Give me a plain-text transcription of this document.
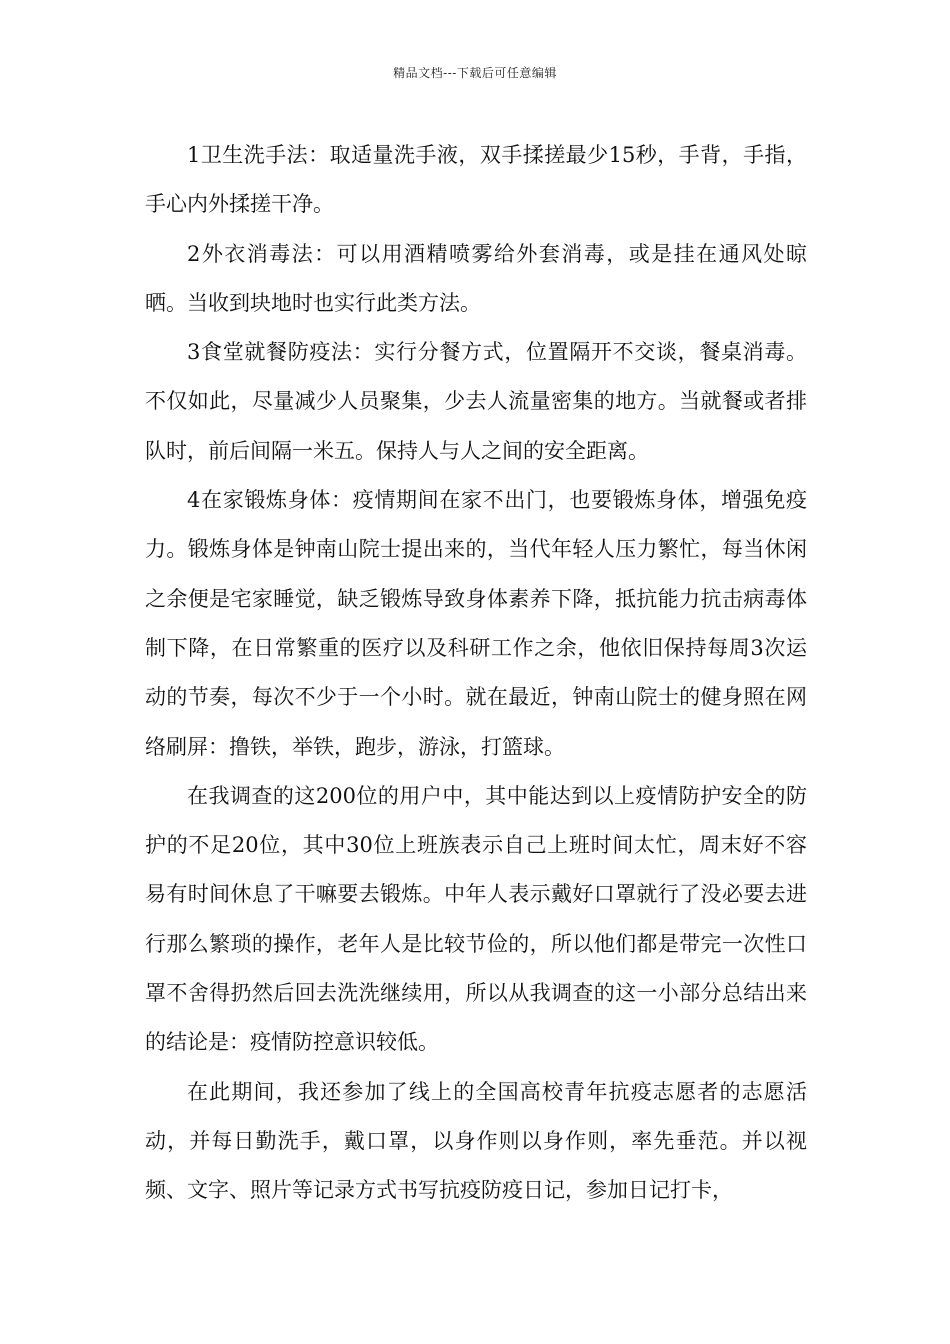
精品文档---下载后可任意编辑

1卫生洗手法：取适量洗手液，双手揉搓最少15秒，手背，手指，手心内外揉搓干净。

2外衣消毒法：可以用酒精喷雾给外套消毒，或是挂在通风处晾晒。当收到块地时也实行此类方法。

3食堂就餐防疫法：实行分餐方式，位置隔开不交谈，餐桌消毒。不仅如此，尽量减少人员聚集，少去人流量密集的地方。当就餐或者排队时，前后间隔一米五。保持人与人之间的安全距离。

4在家锻炼身体：疫情期间在家不出门，也要锻炼身体，增强免疫力。锻炼身体是钟南山院士提出来的，当代年轻人压力繁忙，每当休闲之余便是宅家睡觉，缺乏锻炼导致身体素养下降，抵抗能力抗击病毒体制下降，在日常繁重的医疗以及科研工作之余，他依旧保持每周3次运动的节奏，每次不少于一个小时。就在最近，钟南山院士的健身照在网络刷屏：撸铁，举铁，跑步，游泳，打篮球。

在我调查的这200位的用户中，其中能达到以上疫情防护安全的防护的不足20位，其中30位上班族表示自己上班时间太忙，周末好不容易有时间休息了干嘛要去锻炼。中年人表示戴好口罩就行了没必要去进行那么繁琐的操作，老年人是比较节俭的，所以他们都是带完一次性口罩不舍得扔然后回去洗洗继续用，所以从我调查的这一小部分总结出来的结论是：疫情防控意识较低。

在此期间，我还参加了线上的全国高校青年抗疫志愿者的志愿活动，并每日勤洗手，戴口罩，以身作则以身作则，率先垂范。并以视频、文字、照片等记录方式书写抗疫防疫日记，参加日记打卡，
